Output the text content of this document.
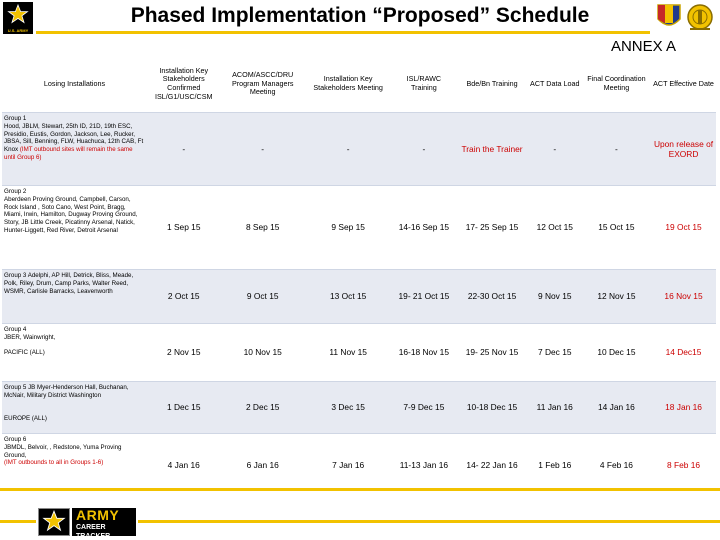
U.S. ARMY
Phased Implementation “Proposed” Schedule
ANNEX A
Losing Installations	Installation Key Stakeholders Confirmed ISL/G1/USC/CSM	ACOM/ASCC/DRU Program Managers Meeting	Installation Key Stakeholders Meeting	ISL/RAWC Training	Bde/Bn Training	ACT Data Load	Final Coordination Meeting	ACT Effective Date
Group 1
Hood, JBLM, Stewart, 25th ID, 21D, 19th ESC, Presidio, Eustis, Gordon, Jackson, Lee, Rucker, JBSA, Sill, Benning, FLW, Huachuca, 12th CAB, Ft Knox (IMT outbound sites will remain the same until Group 6)	-	-	-	-	Train the Trainer	-	-	Upon release of EXORD
Group 2
Aberdeen Proving Ground, Campbell, Carson, Rock Island , Soto Cano, West Point, Bragg, Miami, Irwin, Hamilton, Dugway Proving Ground, Story, JB Little Creek, Picatinny Arsenal, Natick, Hunter-Liggett, Red River, Detroit Arsenal	1 Sep 15	8 Sep 15	9 Sep 15	14-16 Sep 15	17- 25 Sep 15	12 Oct 15	15 Oct 15	19 Oct 15
Group 3 Adelphi, AP Hill, Detrick, Bliss, Meade, Polk, Riley, Drum, Camp Parks, Walter Reed, WSMR, Carlisle Barracks, Leavenworth	2 Oct 15	9 Oct 15	13 Oct 15	19- 21 Oct 15	22-30 Oct 15	9 Nov 15	12 Nov 15	16 Nov 15
Group 4
JBER, Wainwright,

PACIFIC (ALL)	2 Nov 15	10 Nov 15	11 Nov 15	16-18 Nov 15	19- 25 Nov 15	7 Dec 15	10 Dec 15	14 Dec15
Group 5 JB Myer-Henderson Hall, Buchanan, McNair, Military District Washington

EUROPE (ALL)	1 Dec 15	2 Dec 15	3 Dec 15	7-9 Dec 15	10-18 Dec 15	11 Jan 16	14 Jan 16	18 Jan 16
Group 6
JBMDL, Belvoir, , Redstone, Yuma Proving Ground,
(IMT outbounds to all in Groups 1-6)	4 Jan 16	6 Jan 16	7 Jan 16	11-13 Jan 16	14- 22 Jan 16	1 Feb 16	4 Feb 16	8 Feb 16
ARMY
CAREER TRACKER
